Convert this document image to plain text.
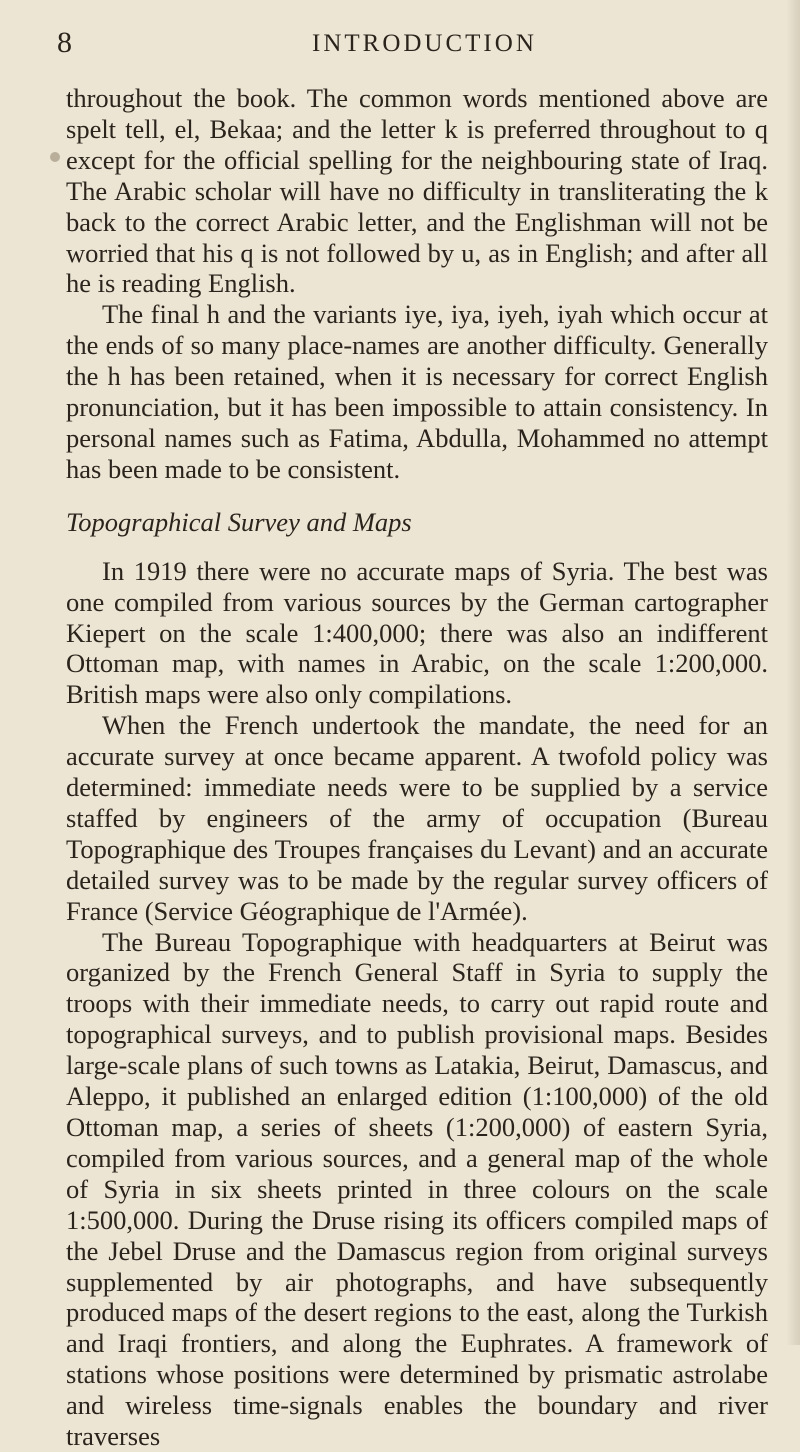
8	INTRODUCTION

throughout the book. The common words mentioned above are spelt tell, el, Bekaa; and the letter k is preferred throughout to q except for the official spelling for the neighbouring state of Iraq. The Arabic scholar will have no difficulty in transliterating the k back to the correct Arabic letter, and the Englishman will not be worried that his q is not followed by u, as in English; and after all he is reading English.

The final h and the variants iye, iya, iyeh, iyah which occur at the ends of so many place-names are another difficulty. Generally the h has been retained, when it is necessary for correct English pronunciation, but it has been impossible to attain consistency. In personal names such as Fatima, Abdulla, Mohammed no attempt has been made to be consistent.

Topographical Survey and Maps

In 1919 there were no accurate maps of Syria. The best was one compiled from various sources by the German cartographer Kiepert on the scale 1:400,000; there was also an indifferent Ottoman map, with names in Arabic, on the scale 1:200,000. British maps were also only compilations.

When the French undertook the mandate, the need for an accurate survey at once became apparent. A twofold policy was determined: immediate needs were to be supplied by a service staffed by engineers of the army of occupation (Bureau Topographique des Troupes françaises du Levant) and an accurate detailed survey was to be made by the regular survey officers of France (Service Géographique de l'Armée).

The Bureau Topographique with headquarters at Beirut was organized by the French General Staff in Syria to supply the troops with their immediate needs, to carry out rapid route and topographical surveys, and to publish provisional maps. Besides large-scale plans of such towns as Latakia, Beirut, Damascus, and Aleppo, it published an enlarged edition (1:100,000) of the old Ottoman map, a series of sheets (1:200,000) of eastern Syria, compiled from various sources, and a general map of the whole of Syria in six sheets printed in three colours on the scale 1:500,000. During the Druse rising its officers compiled maps of the Jebel Druse and the Damascus region from original surveys supplemented by air photographs, and have subsequently produced maps of the desert regions to the east, along the Turkish and Iraqi frontiers, and along the Euphrates. A framework of stations whose positions were determined by prismatic astrolabe and wireless time-signals enables the boundary and river traverses
